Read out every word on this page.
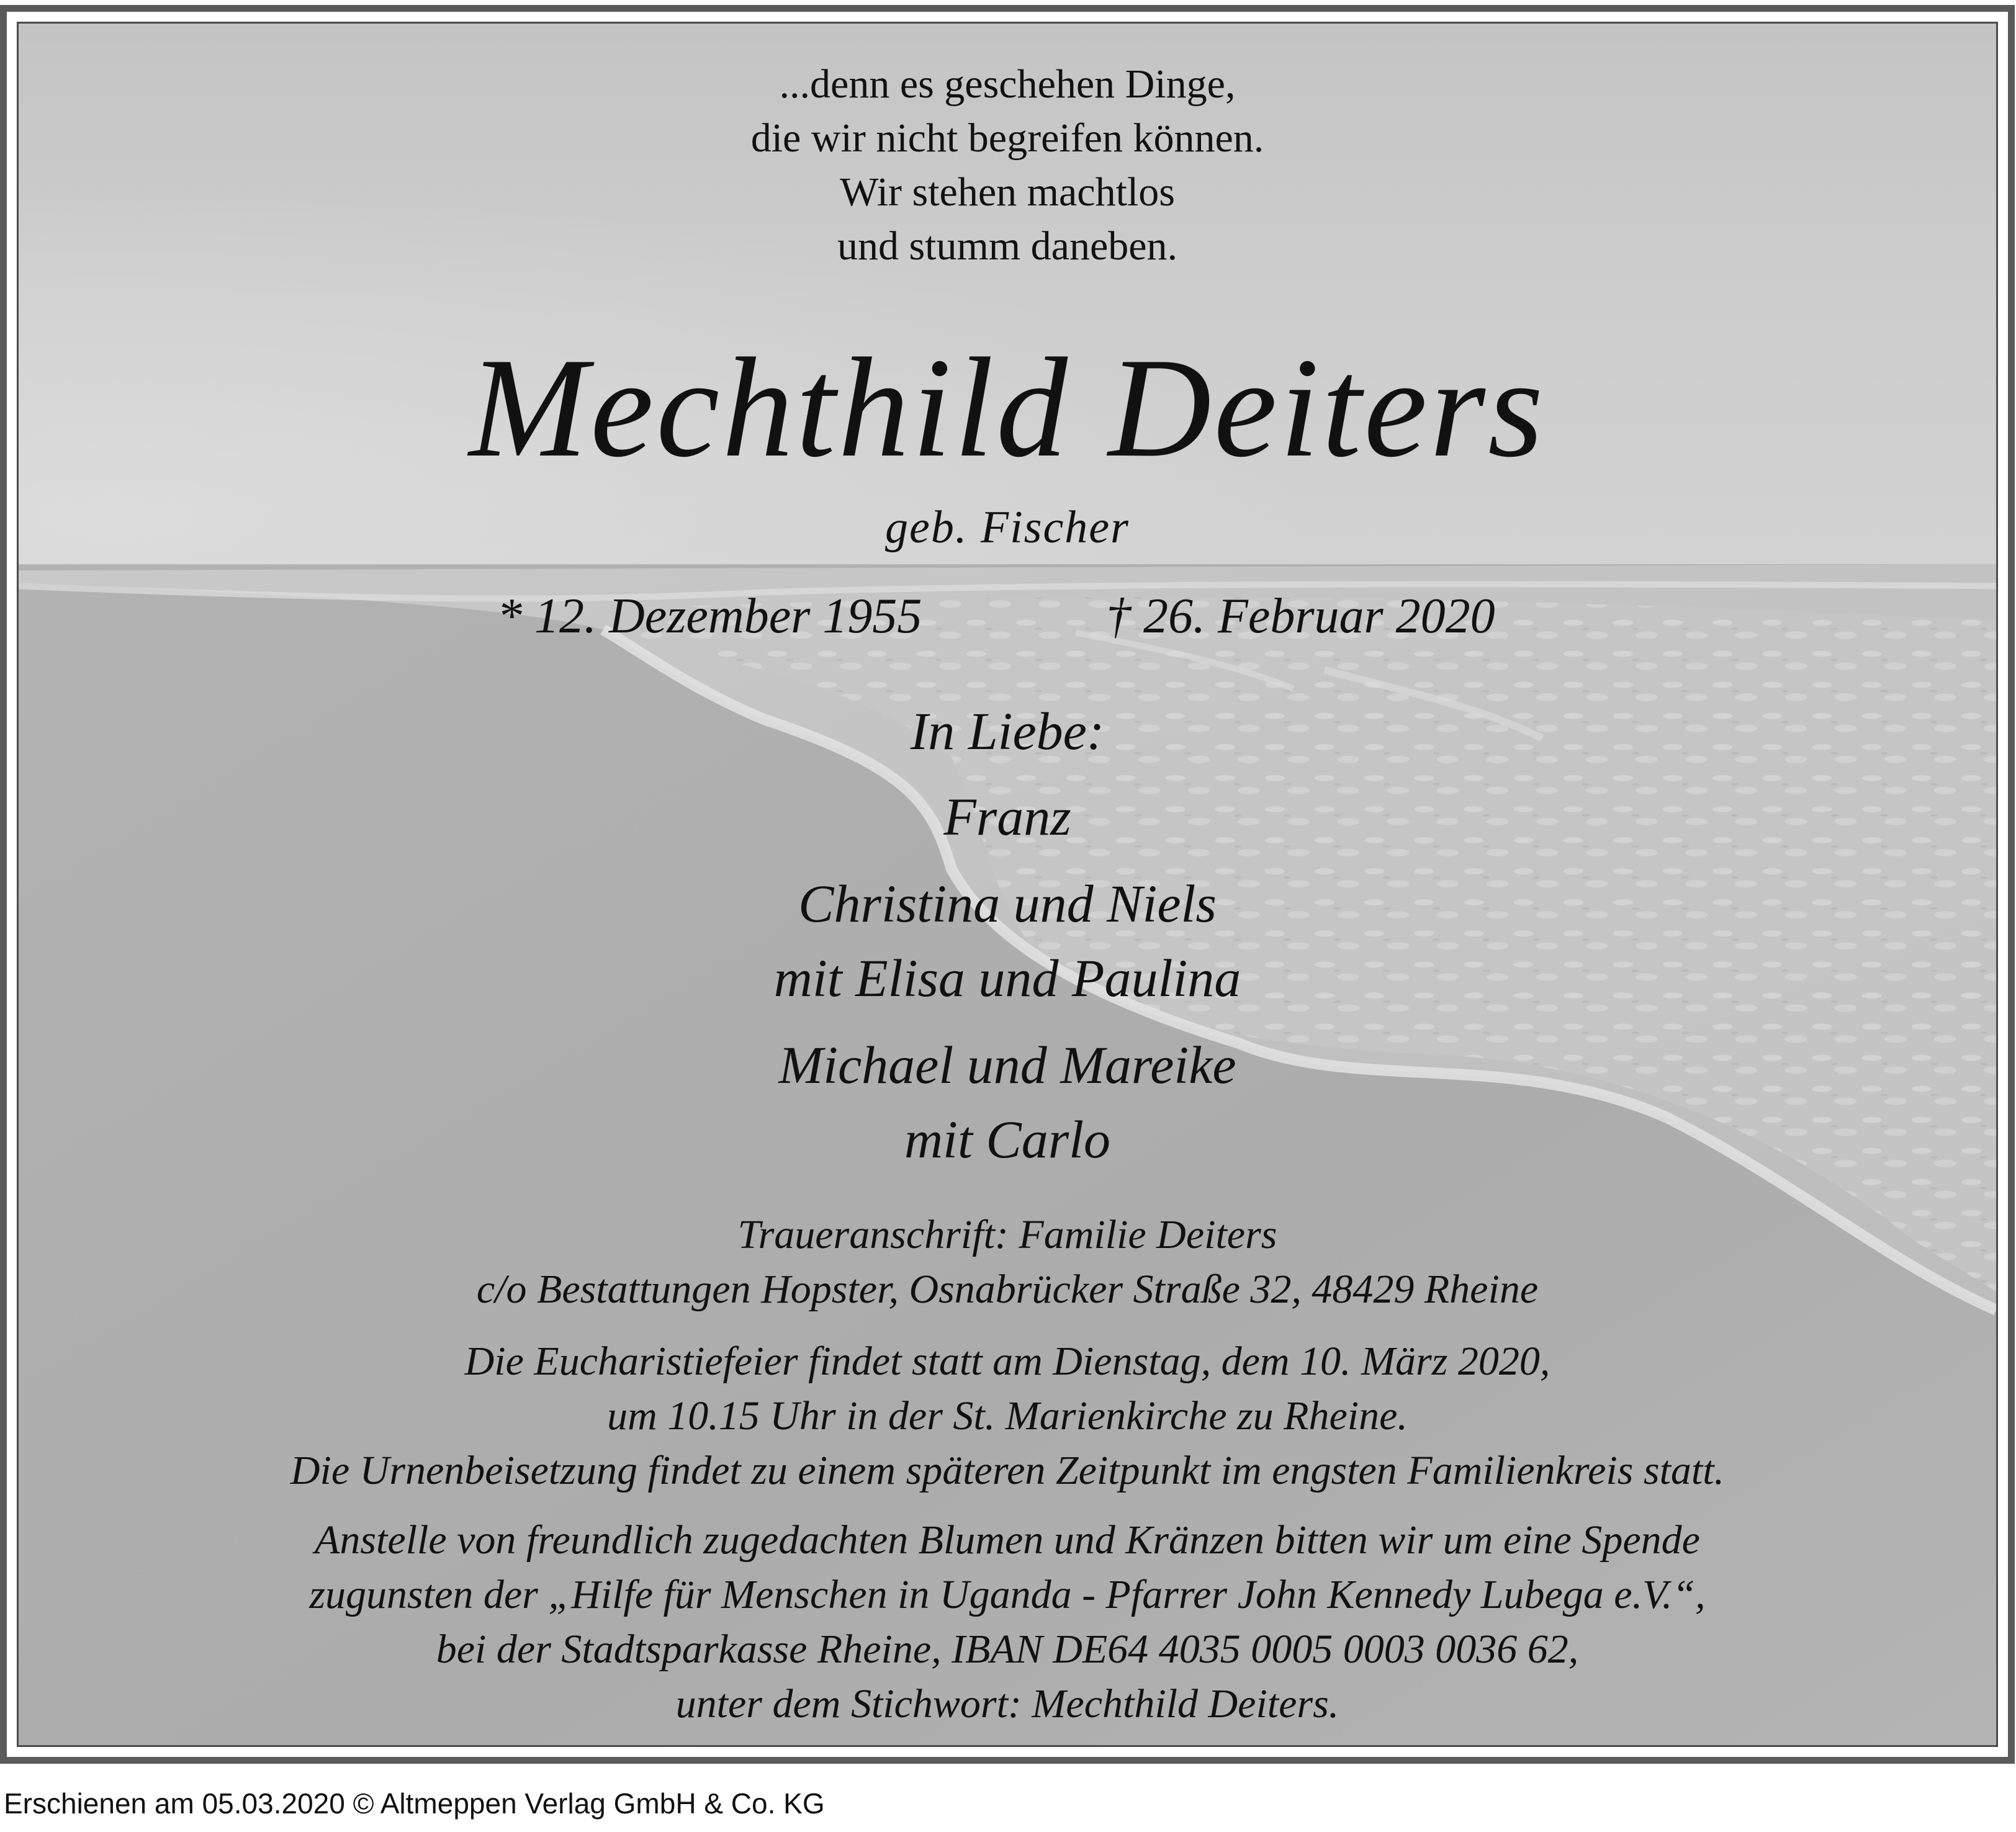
...denn es geschehen Dinge,
die wir nicht begreifen können.
Wir stehen machtlos
und stumm daneben.
Mechthild Deiters
geb. Fischer
* 12. Dezember 1955	† 26. Februar 2020
In Liebe:
Franz
Christina und Niels
mit Elisa und Paulina
Michael und Mareike
mit Carlo
Traueranschrift: Familie Deiters
c/o Bestattungen Hopster, Osnabrücker Straße 32, 48429 Rheine
Die Eucharistiefeier findet statt am Dienstag, dem 10. März 2020,
um 10.15 Uhr in der St. Marienkirche zu Rheine.
Die Urnenbeisetzung findet zu einem späteren Zeitpunkt im engsten Familienkreis statt.
Anstelle von freundlich zugedachten Blumen und Kränzen bitten wir um eine Spende
zugunsten der „Hilfe für Menschen in Uganda - Pfarrer John Kennedy Lubega e.V.“,
bei der Stadtsparkasse Rheine, IBAN DE64 4035 0005 0003 0036 62,
unter dem Stichwort: Mechthild Deiters.
Erschienen am 05.03.2020 © Altmeppen Verlag GmbH & Co. KG
